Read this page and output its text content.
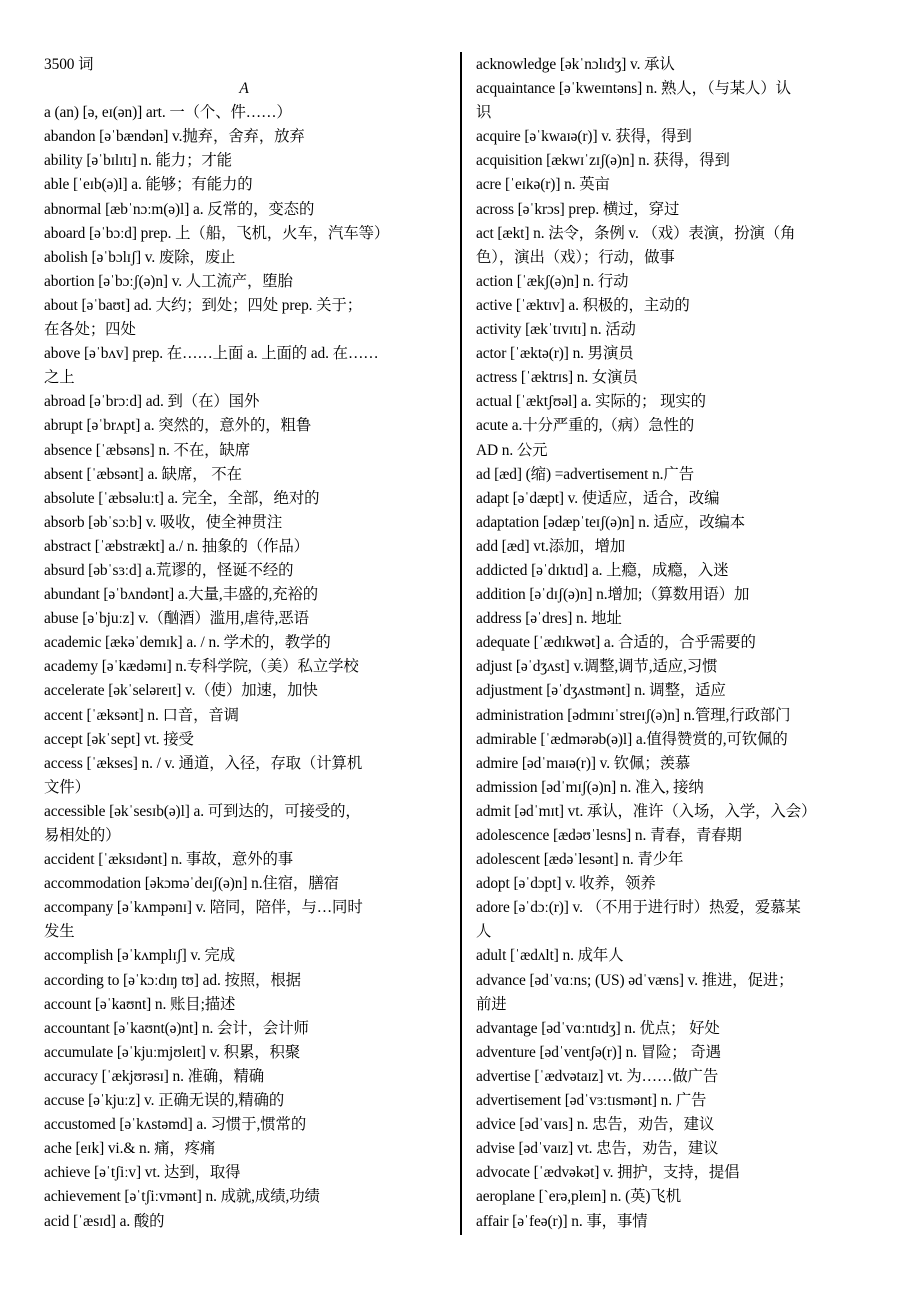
3500 词
A
a (an) [ə, eɪ(ən)] art. 一（个、件……）
abandon [əˈbændən] v.抛弃，舍弃，放弃
ability [əˈbɪlɪtɪ] n. 能力；才能
able [ˈeɪb(ə)l] a. 能够；有能力的
abnormal [æbˈnɔːm(ə)l] a. 反常的，变态的
aboard [əˈbɔːd] prep. 上（船，飞机，火车，汽车等）
abolish [əˈbɔlɪʃ] v. 废除，废止
abortion [əˈbɔːʃ(ə)n] v. 人工流产，堕胎
about [əˈbaʊt] ad. 大约；到处；四处 prep. 关于；
在各处；四处
above [əˈbʌv] prep. 在……上面 a. 上面的 ad. 在……
之上
abroad [əˈbrɔːd] ad. 到（在）国外
abrupt [əˈbrʌpt] a. 突然的，意外的，粗鲁
absence [ˈæbsəns] n. 不在，缺席
absent [ˈæbsənt] a. 缺席， 不在
absolute [ˈæbsəluːt] a. 完全，全部，绝对的
absorb [əbˈsɔːb] v. 吸收，使全神贯注
abstract [ˈæbstrækt] a./ n. 抽象的（作品）
absurd [əbˈsɜːd] a.荒谬的，怪诞不经的
abundant [əˈbʌndənt] a.大量,丰盛的,充裕的
abuse [əˈbjuːz] v.（酗酒）滥用,虐待,恶语
academic [ækəˈdemɪk] a. / n. 学术的，教学的
academy [əˈkædəmɪ] n.专科学院,（美）私立学校
accelerate [əkˈseləreɪt] v.（使）加速，加快
accent [ˈæksənt] n. 口音，音调
accept [əkˈsept] vt. 接受
access [ˈækses] n. / v. 通道，入径，存取（计算机
文件）
accessible [əkˈsesɪb(ə)l] a. 可到达的，可接受的，
易相处的）
accident [ˈæksɪdənt] n. 事故，意外的事
accommodation [əkɔməˈdeɪʃ(ə)n] n.住宿，膳宿
accompany [əˈkʌmpənɪ] v. 陪同，陪伴，与…同时
发生
accomplish [əˈkʌmplɪʃ] v. 完成
according to [əˈkɔːdɪŋ tʊ] ad. 按照，根据
account [əˈkaʊnt] n. 账目;描述
accountant [əˈkaʊnt(ə)nt] n. 会计，会计师
accumulate [əˈkjuːmjʊleɪt] v. 积累，积聚
accuracy [ˈækjʊrəsɪ] n. 准确，精确
accuse [əˈkjuːz] v. 正确无误的,精确的
accustomed [əˈkʌstəmd] a. 习惯于,惯常的
ache [eɪk] vi.& n. 痛，疼痛
achieve [əˈtʃiːv] vt. 达到，取得
achievement [əˈtʃiːvmənt] n. 成就,成绩,功绩
acid [ˈæsɪd] a. 酸的
acknowledge [əkˈnɔlɪdʒ] v. 承认
acquaintance [əˈkweɪntəns] n. 熟人，（与某人）认
识
acquire [əˈkwaɪə(r)] v. 获得，得到
acquisition [ækwɪˈzɪʃ(ə)n] n. 获得，得到
acre [ˈeɪkə(r)] n. 英亩
across [əˈkrɔs] prep. 横过，穿过
act [ækt] n. 法令，条例 v. （戏）表演，扮演（角
色），演出（戏）；行动，做事
action [ˈækʃ(ə)n] n. 行动
active [ˈæktɪv] a. 积极的，主动的
activity [ækˈtɪvɪtɪ] n. 活动
actor [ˈæktə(r)] n. 男演员
actress [ˈæktrɪs] n. 女演员
actual [ˈæktʃʊəl] a. 实际的； 现实的
acute a.十分严重的,（病）急性的
AD n. 公元
ad [æd] (缩) =advertisement n.广告
adapt [əˈdæpt] v. 使适应，适合，改编
adaptation [ədæpˈteɪʃ(ə)n] n. 适应，改编本
add [æd] vt.添加，增加
addicted [əˈdɪktɪd] a. 上瘾，成瘾，入迷
addition [əˈdɪʃ(ə)n] n.增加;（算数用语）加
address [əˈdres] n. 地址
adequate [ˈædɪkwət] a. 合适的，合乎需要的
adjust [əˈdʒʌst] v.调整,调节,适应,习惯
adjustment [əˈdʒʌstmənt] n. 调整，适应
administration [ədmɪnɪˈstreɪʃ(ə)n] n.管理,行政部门
admirable [ˈædmərəb(ə)l] a.值得赞赏的,可钦佩的
admire [ədˈmaɪə(r)] v. 钦佩；羡慕
admission [ədˈmɪʃ(ə)n] n. 准入, 接纳
admit [ədˈmɪt] vt. 承认，准许（入场，入学，入会）
adolescence [ædəʊˈlesns] n. 青春，青春期
adolescent [ædəˈlesənt] n. 青少年
adopt [əˈdɔpt] v. 收养，领养
adore [əˈdɔː(r)] v. （不用于进行时）热爱，爱慕某
人
adult [ˈædʌlt] n. 成年人
advance [ədˈvɑːns; (US) ədˈvæns] v. 推进，促进；
前进
advantage [ədˈvɑːntɪdʒ] n. 优点； 好处
adventure [ədˈventʃə(r)] n. 冒险； 奇遇
advertise [ˈædvətaɪz] vt. 为……做广告
advertisement [ədˈvɜːtɪsmənt] n. 广告
advice [ədˈvaɪs] n. 忠告，劝告，建议
advise [ədˈvaɪz] vt. 忠告，劝告，建议
advocate [ˈædvəkət] v. 拥护，支持，提倡
aeroplane [ˋerə,pleɪn] n. (英)飞机
affair [əˈfeə(r)] n. 事，事情
